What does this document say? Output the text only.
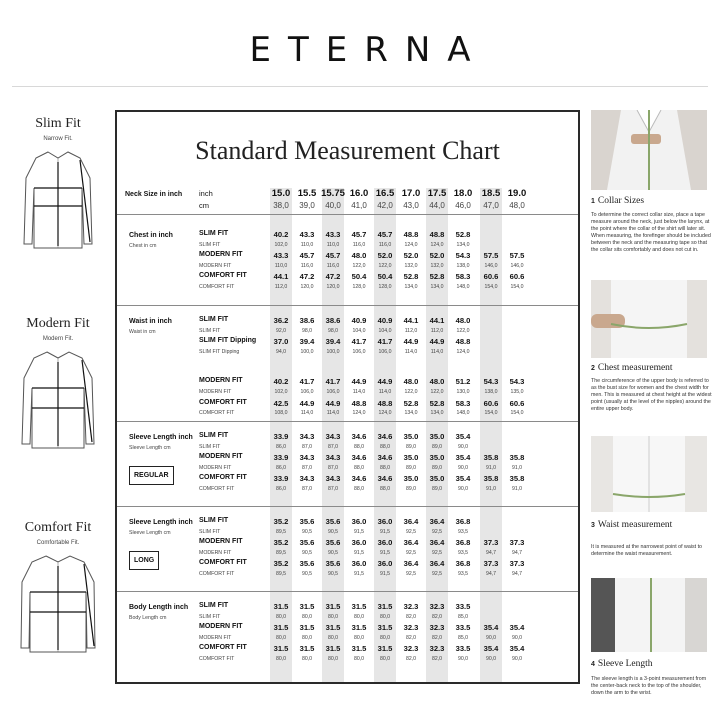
ETERNA
Slim Fit
Narrow Fit.
Modern Fit
Modern Fit.
Comfort Fit
Comfortable Fit.
Standard Measurement Chart
Neck Size in inch inch
cm
15.0 15.5 15.75 16.0 16.5 17.0 17.5 18.0	18.5 19.0
38,0	39,0	40,0	41,0	42,0	43,0	44,0	46,0	47,0	48,0
Chest in inch
Chest in cm
SLIM FIT	40.2	43.3	43.3	45.7	45.7	48.8	48.8	52.8
SLIM FIT	102,0	110,0	110,0	116,0	116,0	124,0	124,0	134,0
MODERN FIT	43.3	45.7	45.7	48.0	52.0	52.0	52.0	54.3	57.5	57.5
MODERN FIT	110,0	116,0	116,0	122,0	122,0	132,0	132,0	138,0	146,0	146,0
COMFORT FIT	44.1	47.2	47.2	50.4	50.4	52.8	52.8	58.3	60.6	60.6
COMFORT FIT	112,0	120,0	120,0	128,0	128,0	134,0	134,0	148,0	154,0	154,0
Waist in inch
Waist in cm
SLIM FIT	36.2	38.6	38.6	40.9	40.9	44.1	44.1	48.0
SLIM FIT	92,0	98,0	98,0	104,0	104,0	112,0	112,0	122,0
SLIM FIT Dipping	37.0	39.4	39.4	41.7	41.7	44.9	44.9	48.8
SLIM FIT Dipping	94,0	100,0	100,0	106,0	106,0	114,0	114,0	124,0
MODERN FIT	40.2	41.7	41.7	44.9	44.9	48.0	48.0	51.2	54.3	54.3
MODERN FIT	102,0	106,0	106,0	114,0	114,0	122,0	122,0	130,0	138,0	135,0
COMFORT FIT	42.5	44.9	44.9	48.8	48.8	52.8	52.8	58.3	60.6	60.6
COMFORT FIT	108,0	114,0	114,0	124,0	124,0	134,0	134,0	148,0	154,0	154,0
Sleeve Length inch
Sleeve Length cm
REGULAR
SLIM FIT	33.9	34.3	34.3	34.6	34.6	35.0	35.0	35.4
SLIM FIT	86,0	87,0	87,0	88,0	88,0	89,0	89,0	90,0
MODERN FIT	33.9	34.3	34.3	34.6	34.6	35.0	35.0	35.4	35.8	35.8
MODERN FIT	86,0	87,0	87,0	88,0	88,0	89,0	89,0	90,0	91,0	91,0
COMFORT FIT	33.9	34.3	34.3	34.6	34.6	35.0	35.0	35.4	35.8	35.8
COMFORT FIT	86,0	87,0	87,0	88,0	88,0	89,0	89,0	90,0	91,0	91,0
Sleeve Length inch
Sleeve Length cm
LONG
SLIM FIT	35.2	35.6	35.6	36.0	36.0	36.4	36.4	36.8
SLIM FIT	89,5	90,5	90,5	91,5	91,5	92,5	92,5	93,5
MODERN FIT	35.2	35.6	35.6	36.0	36.0	36.4	36.4	36.8	37.3	37.3
MODERN FIT	89,5	90,5	90,5	91,5	91,5	92,5	92,5	93,5	94,7	94,7
COMFORT FIT	35.2	35.6	35.6	36.0	36.0	36.4	36.4	36.8	37.3	37.3
COMFORT FIT	89,5	90,5	90,5	91,5	91,5	92,5	92,5	93,5	94,7	94,7
Body Length inch
Body Length cm
SLIM FIT	31.5	31.5	31.5	31.5	31.5	32.3	32.3	33.5
SLIM FIT	80,0	80,0	80,0	80,0	80,0	82,0	82,0	85,0
MODERN FIT	31.5	31.5	31.5	31.5	31.5	32.3	32.3	33.5	35.4	35.4
MODERN FIT	80,0	80,0	80,0	80,0	80,0	82,0	82,0	85,0	90,0	90,0
COMFORT FIT	31.5	31.5	31.5	31.5	31.5	32.3	32.3	33.5	35.4	35.4
COMFORT FIT	80,0	80,0	80,0	80,0	80,0	82,0	82,0	90,0	90,0	90,0
1 Collar Sizes
To determine the correct collar size, place a tape measure around the neck, just below the larynx, at the point where the collar of the shirt will later sit. When measuring, the forefinger should be included between the neck and the measuring tape so that the collar sits comfortably and does not cut in.
2 Chest measurement
The circumference of the upper body is referred to as the bust size for women and the chest width for men. This is measured at chest height at the widest point (usually at the level of the nipples) around the entire upper body.
3 Waist measurement
It is measured at the narrowest point of waist to determine the waist measurement.
4 Sleeve Length
The sleeve length is a 3-point measurement from the center-back neck to the top of the shoulder, down the arm to the wrist.
